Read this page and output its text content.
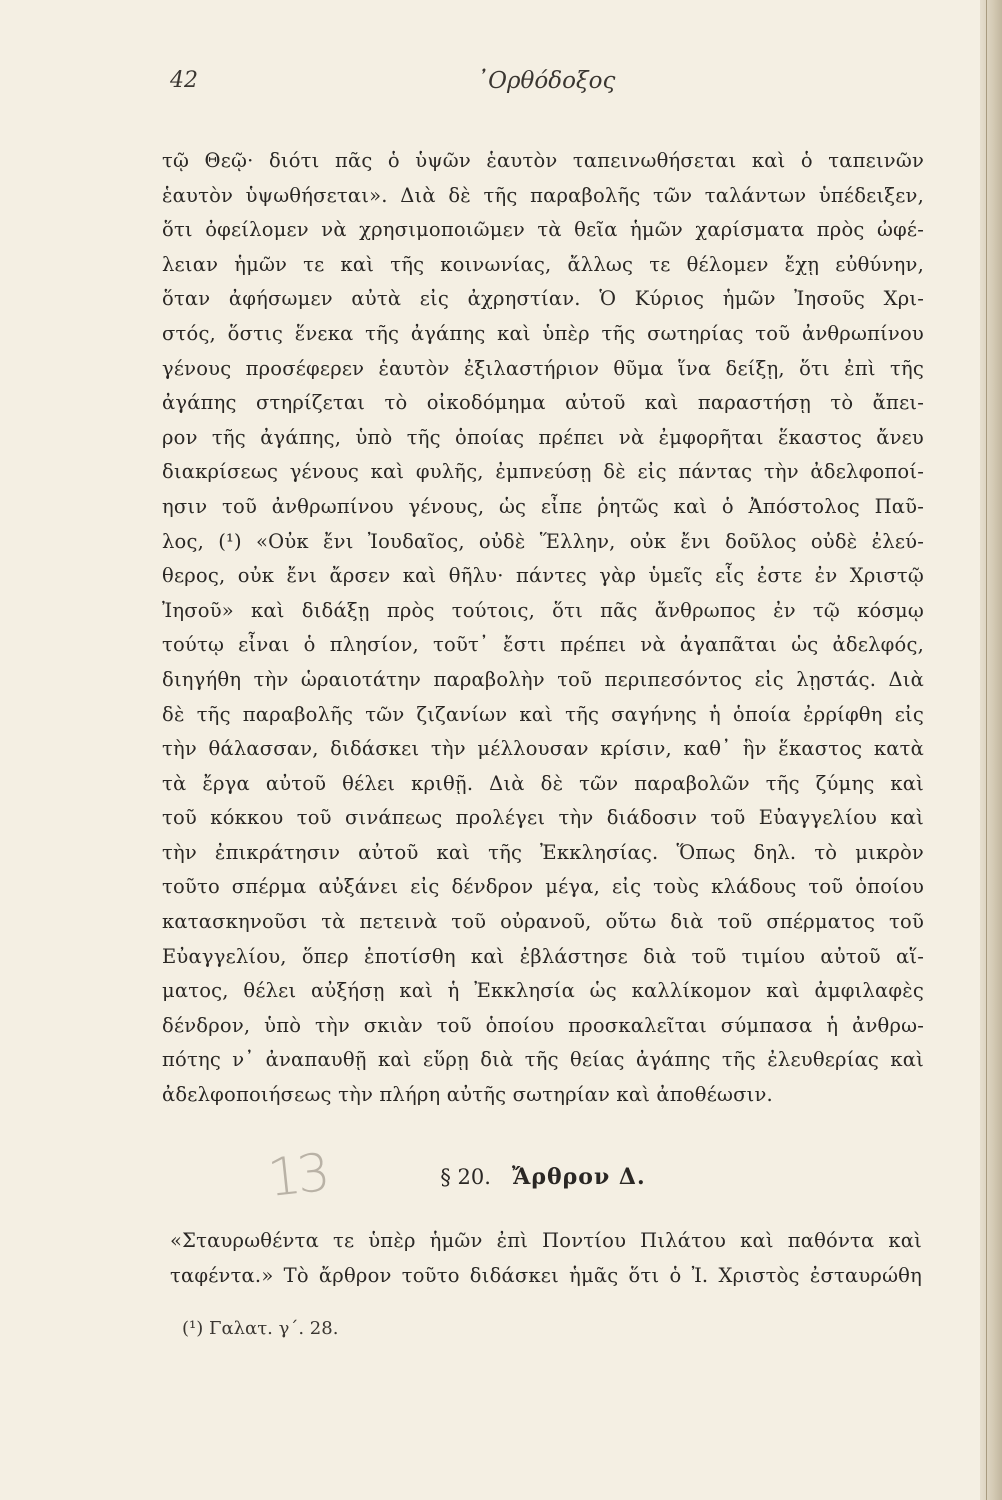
42	᾿Ορθόδοξος
τῷ Θεῷ· διότι πᾶς ὁ ὑψῶν ἑαυτὸν ταπεινωθήσεται καὶ ὁ ταπεινῶν
ἑαυτὸν ὑψωθήσεται». Διὰ δὲ τῆς παραβολῆς τῶν ταλάντων ὑπέδειξεν,
ὅτι ὀφείλομεν νὰ χρησιμοποιῶμεν τὰ θεῖα ἡμῶν χαρίσματα πρὸς ὠφέ-
λειαν ἡμῶν τε καὶ τῆς κοινωνίας, ἄλλως τε θέλομεν ἔχῃ εὐθύνην,
ὅταν ἀφήσωμεν αὐτὰ εἰς ἀχρηστίαν. Ὁ Κύριος ἡμῶν Ἰησοῦς Χρι-
στός, ὅστις ἕνεκα τῆς ἀγάπης καὶ ὑπὲρ τῆς σωτηρίας τοῦ ἀνθρωπίνου
γένους προσέφερεν ἑαυτὸν ἐξιλαστήριον θῦμα ἵνα δείξῃ, ὅτι ἐπὶ τῆς
ἀγάπης στηρίζεται τὸ οἰκοδόμημα αὐτοῦ καὶ παραστήσῃ τὸ ἄπει-
ρον τῆς ἀγάπης, ὑπὸ τῆς ὁποίας πρέπει νὰ ἐμφορῆται ἕκαστος ἄνευ
διακρίσεως γένους καὶ φυλῆς, ἐμπνεύσῃ δὲ εἰς πάντας τὴν ἀδελφοποί-
ησιν τοῦ ἀνθρωπίνου γένους, ὡς εἶπε ῥητῶς καὶ ὁ Ἀπόστολος Παῦ-
λος, (¹) «Οὐκ ἔνι Ἰουδαῖος, οὐδὲ Ἕλλην, οὐκ ἔνι δοῦλος οὐδὲ ἐλεύ-
θερος, οὐκ ἔνι ἄρσεν καὶ θῆλυ· πάντες γὰρ ὑμεῖς εἷς ἐστε ἐν Χριστῷ
Ἰησοῦ» καὶ διδάξῃ πρὸς τούτοις, ὅτι πᾶς ἄνθρωπος ἐν τῷ κόσμῳ
τούτῳ εἶναι ὁ πλησίον, τοῦτ᾿ ἔστι πρέπει νὰ ἀγαπᾶται ὡς ἀδελφός,
διηγήθη τὴν ὡραιοτάτην παραβολὴν τοῦ περιπεσόντος εἰς λῃστάς. Διὰ
δὲ τῆς παραβολῆς τῶν ζιζανίων καὶ τῆς σαγήνης ἡ ὁποία ἐρρίφθη εἰς
τὴν θάλασσαν, διδάσκει τὴν μέλλουσαν κρίσιν, καθ᾿ ἣν ἕκαστος κατὰ
τὰ ἔργα αὐτοῦ θέλει κριθῇ. Διὰ δὲ τῶν παραβολῶν τῆς ζύμης καὶ
τοῦ κόκκου τοῦ σινάπεως προλέγει τὴν διάδοσιν τοῦ Εὐαγγελίου καὶ
τὴν ἐπικράτησιν αὐτοῦ καὶ τῆς Ἐκκλησίας. Ὅπως δηλ. τὸ μικρὸν
τοῦτο σπέρμα αὐξάνει εἰς δένδρον μέγα, εἰς τοὺς κλάδους τοῦ ὁποίου
κατασκηνοῦσι τὰ πετεινὰ τοῦ οὐρανοῦ, οὕτω διὰ τοῦ σπέρματος τοῦ
Εὐαγγελίου, ὅπερ ἐποτίσθη καὶ ἐβλάστησε διὰ τοῦ τιμίου αὐτοῦ αἵ-
ματος, θέλει αὐξήσῃ καὶ ἡ Ἐκκλησία ὡς καλλίκομον καὶ ἀμφιλαφὲς
δένδρον, ὑπὸ τὴν σκιὰν τοῦ ὁποίου προσκαλεῖται σύμπασα ἡ ἀνθρω-
πότης ν᾿ ἀναπαυθῇ καὶ εὕρῃ διὰ τῆς θείας ἀγάπης τῆς ἐλευθερίας καὶ
ἀδελφοποιήσεως τὴν πλήρη αὐτῆς σωτηρίαν καὶ ἀποθέωσιν.
13	§ 20. Ἄρθρον Δ.
«Σταυρωθέντα τε ὑπὲρ ἡμῶν ἐπὶ Ποντίου Πιλάτου καὶ παθόντα καὶ
ταφέντα.» Τὸ ἄρθρον τοῦτο διδάσκει ἡμᾶς ὅτι ὁ Ἰ. Χριστὸς ἐσταυρώθη
(¹) Γαλατ. γ΄. 28.
